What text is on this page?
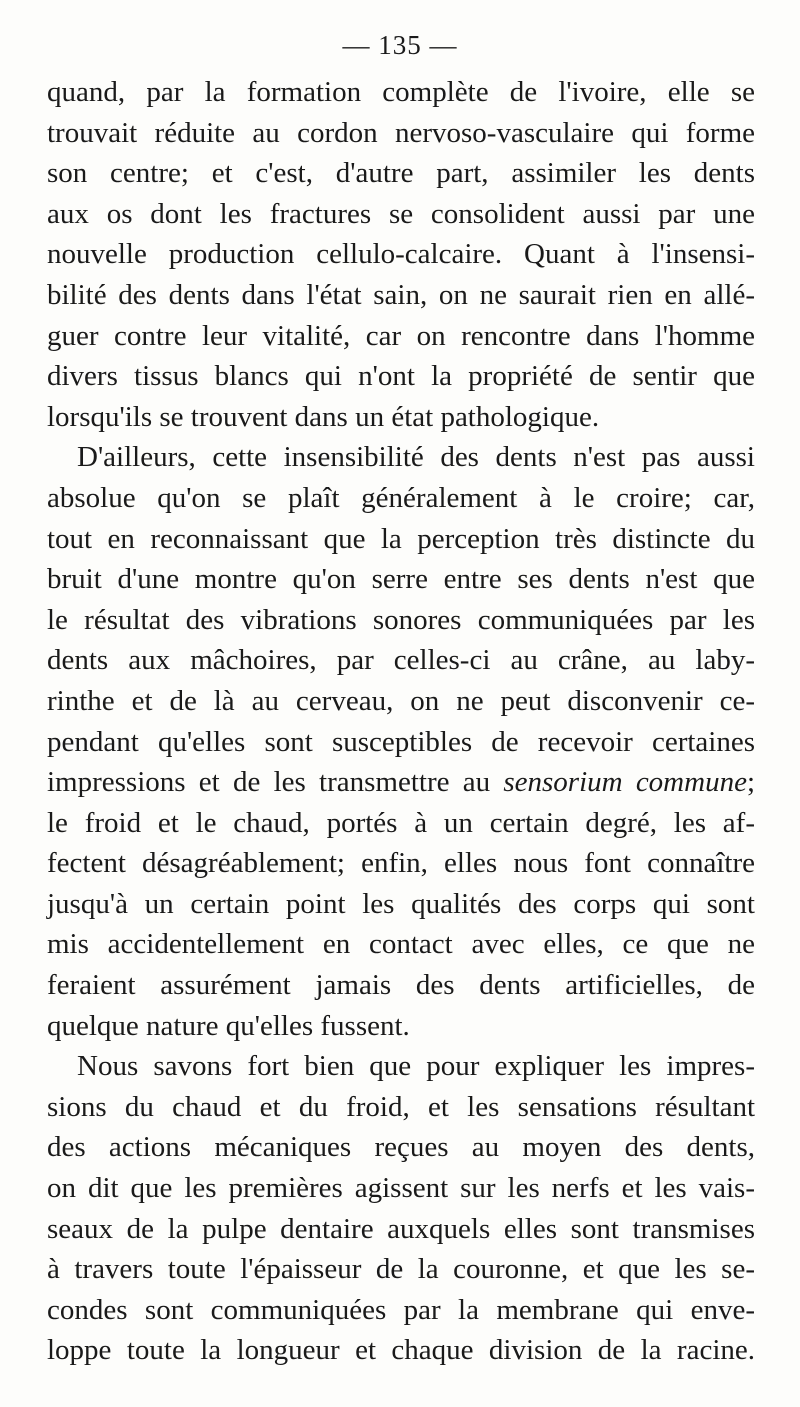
— 135 —
quand, par la formation complète de l'ivoire, elle se
trouvait réduite au cordon nervoso-vasculaire qui forme
son centre; et c'est, d'autre part, assimiler les dents
aux os dont les fractures se consolident aussi par une
nouvelle production cellulo-calcaire. Quant à l'insensi-
bilité des dents dans l'état sain, on ne saurait rien en allé-
guer contre leur vitalité, car on rencontre dans l'homme
divers tissus blancs qui n'ont la propriété de sentir que
lorsqu'ils se trouvent dans un état pathologique.
D'ailleurs, cette insensibilité des dents n'est pas aussi
absolue qu'on se plaît généralement à le croire; car,
tout en reconnaissant que la perception très distincte du
bruit d'une montre qu'on serre entre ses dents n'est que
le résultat des vibrations sonores communiquées par les
dents aux mâchoires, par celles-ci au crâne, au laby-
rinthe et de là au cerveau, on ne peut disconvenir ce-
pendant qu'elles sont susceptibles de recevoir certaines
impressions et de les transmettre au sensorium commune;
le froid et le chaud, portés à un certain degré, les af-
fectent désagréablement; enfin, elles nous font connaître
jusqu'à un certain point les qualités des corps qui sont
mis accidentellement en contact avec elles, ce que ne
feraient assurément jamais des dents artificielles, de
quelque nature qu'elles fussent.
Nous savons fort bien que pour expliquer les impres-
sions du chaud et du froid, et les sensations résultant
des actions mécaniques reçues au moyen des dents,
on dit que les premières agissent sur les nerfs et les vais-
seaux de la pulpe dentaire auxquels elles sont transmises
à travers toute l'épaisseur de la couronne, et que les se-
condes sont communiquées par la membrane qui enve-
loppe toute la longueur et chaque division de la racine.
